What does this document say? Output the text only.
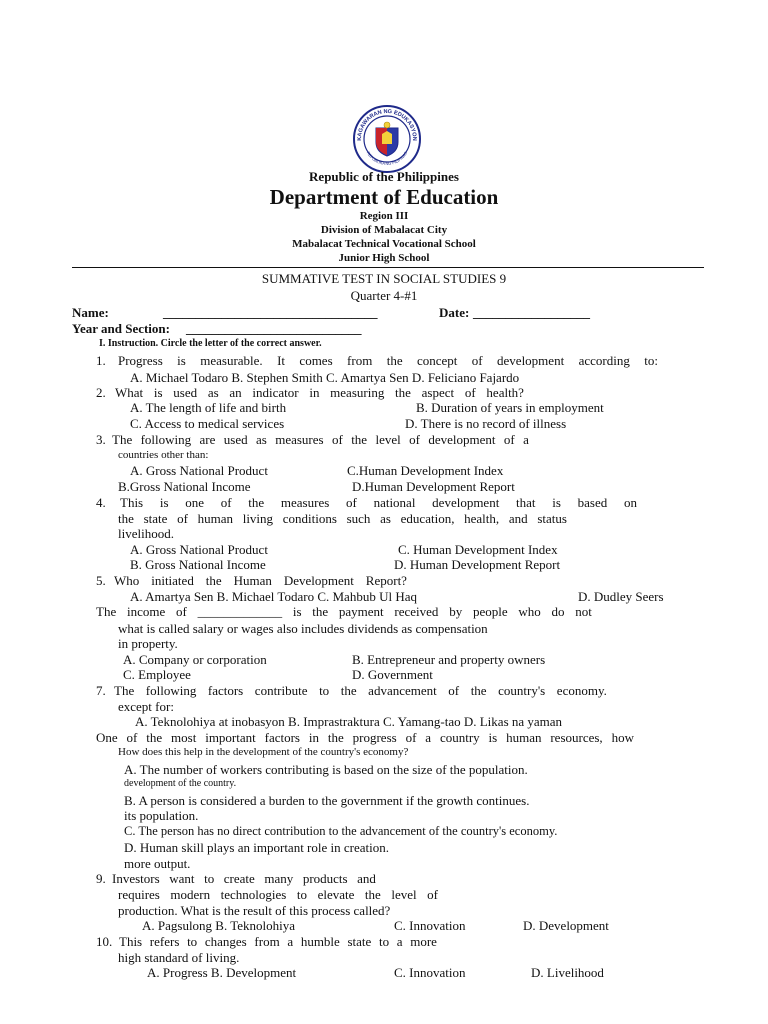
KAGAWARAN NG EDUKASYON
REPUBLIKA NG PILIPINAS
Republic of the Philippines
Department of Education
Region III
Division of Mabalacat City
Mabalacat Technical Vocational School
Junior High School
SUMMATIVE TEST IN SOCIAL STUDIES 9
Quarter 4-#1
Name:	_________________________________	Date: __________________
Year and Section: ___________________________
I. Instruction. Circle the letter of the correct answer.
1. Progress is measurable. It comes from the concept of development according to:
A. Michael Todaro B. Stephen Smith C. Amartya Sen D. Feliciano Fajardo
2. What is used as an indicator in measuring the aspect of health?
A. The length of life and birth	B. Duration of years in employment
C. Access to medical services	D. There is no record of illness
3. The following are used as measures of the level of development of a
countries other than:
A. Gross National Product	C.Human Development Index
B.Gross National Income	D.Human Development Report
4. This is one of the measures of national development that is based on
the state of human living conditions such as education, health, and status
livelihood.
A. Gross National Product	C. Human Development Index
B. Gross National Income	D. Human Development Report
5. Who initiated the Human Development Report?
A. Amartya Sen B. Michael Todaro C. Mahbub Ul Haq	D. Dudley Seers
The income of _____________ is the payment received by people who do not
what is called salary or wages also includes dividends as compensation
in property.
A. Company or corporation	B. Entrepreneur and property owners
C. Employee	D. Government
7. The following factors contribute to the advancement of the country's economy.
except for:
A. Teknolohiya at inobasyon B. Imprastraktura C. Yamang-tao D. Likas na yaman
One of the most important factors in the progress of a country is human resources, how
How does this help in the development of the country's economy?
A. The number of workers contributing is based on the size of the population.
development of the country.
B. A person is considered a burden to the government if the growth continues.
its population.
C. The person has no direct contribution to the advancement of the country's economy.
D. Human skill plays an important role in creation.
more output.
9. Investors want to create many products and
requires modern technologies to elevate the level of
production. What is the result of this process called?
A. Pagsulong B. Teknolohiya	C. Innovation	D. Development
10. This refers to changes from a humble state to a more
high standard of living.
A. Progress B. Development	C. Innovation	D. Livelihood
